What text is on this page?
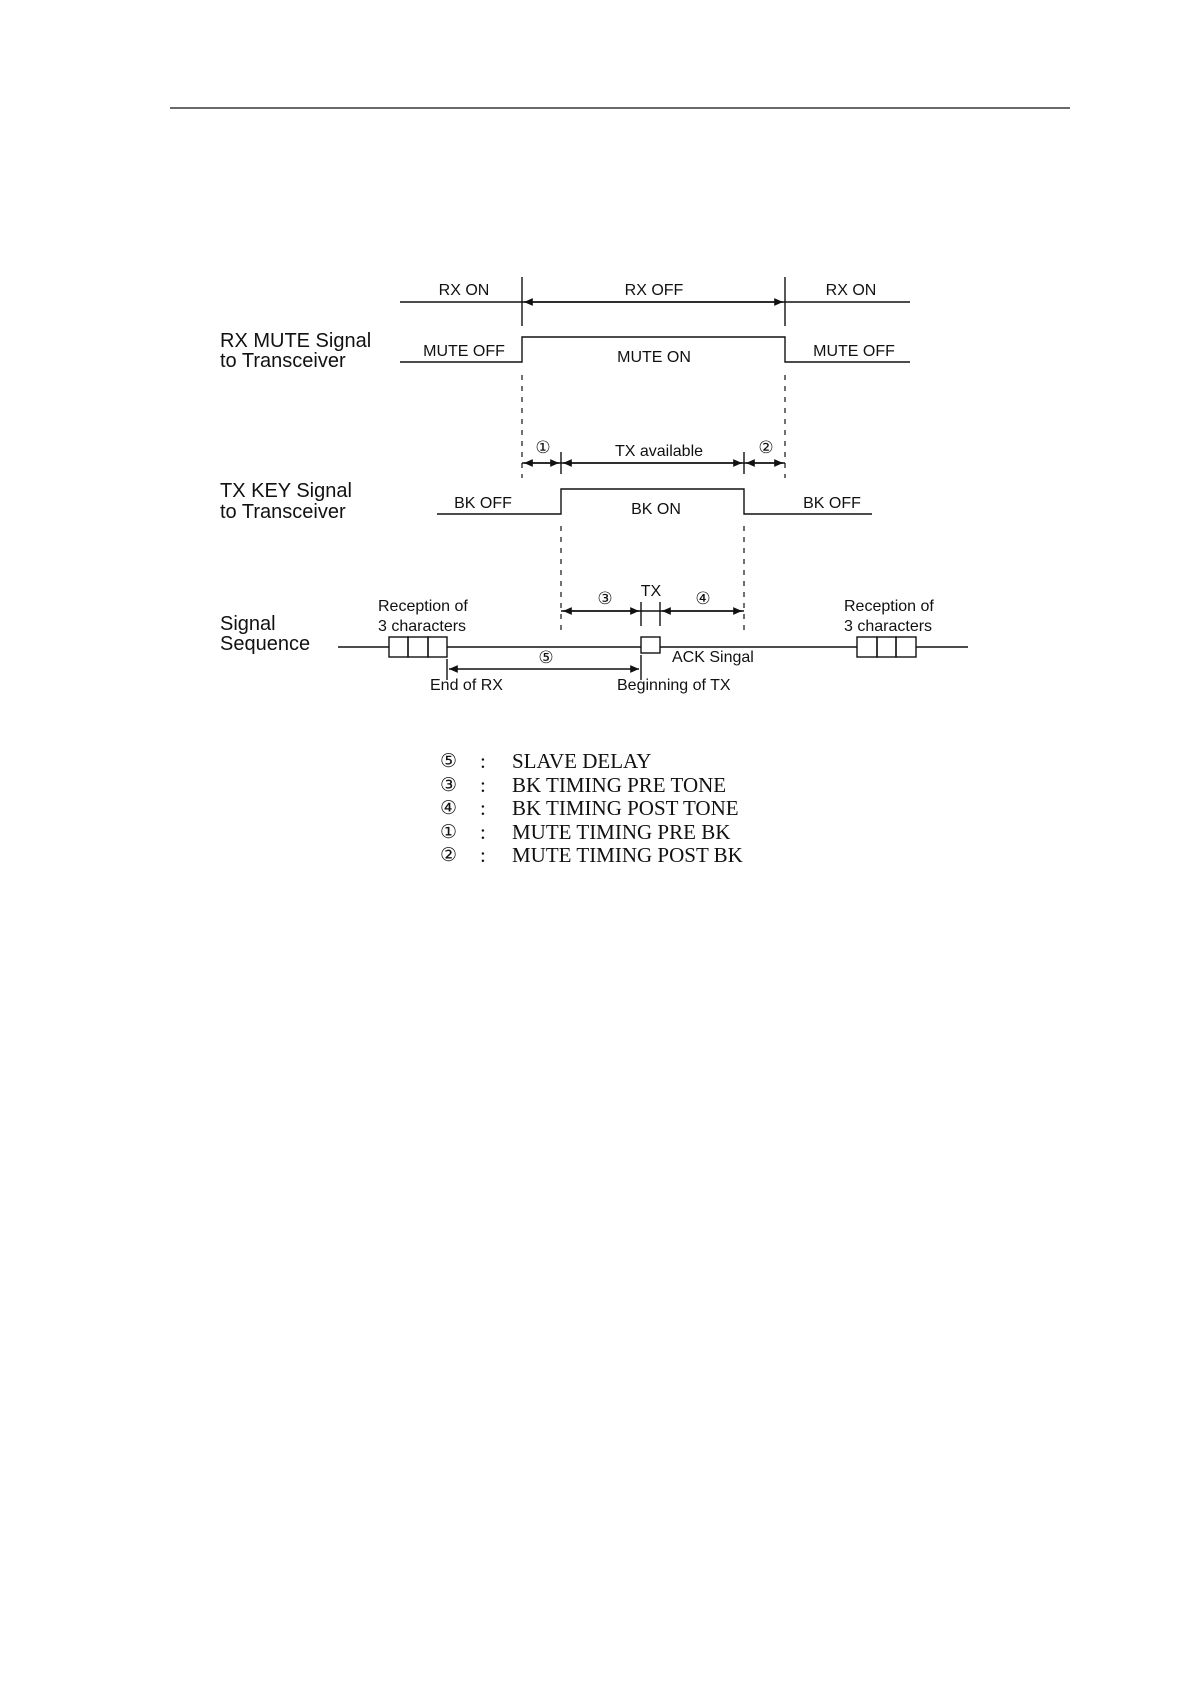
RX ON	RX OFF	RX ON
RX MUTE Signal
to Transceiver	MUTE OFF	MUTE ON	MUTE OFF
①	TX available	②
TX KEY Signal
to Transceiver	BK OFF	BK ON	BK OFF
③ TX ④
Signal
Sequence
Reception of
3 characters
Reception of
3 characters
ACK Singal
⑤
End of RX	Beginning of TX
⑤	:	SLAVE DELAY
③	:	BK TIMING PRE TONE
④	:	BK TIMING POST TONE
①	:	MUTE TIMING PRE BK
②	:	MUTE TIMING POST BK
